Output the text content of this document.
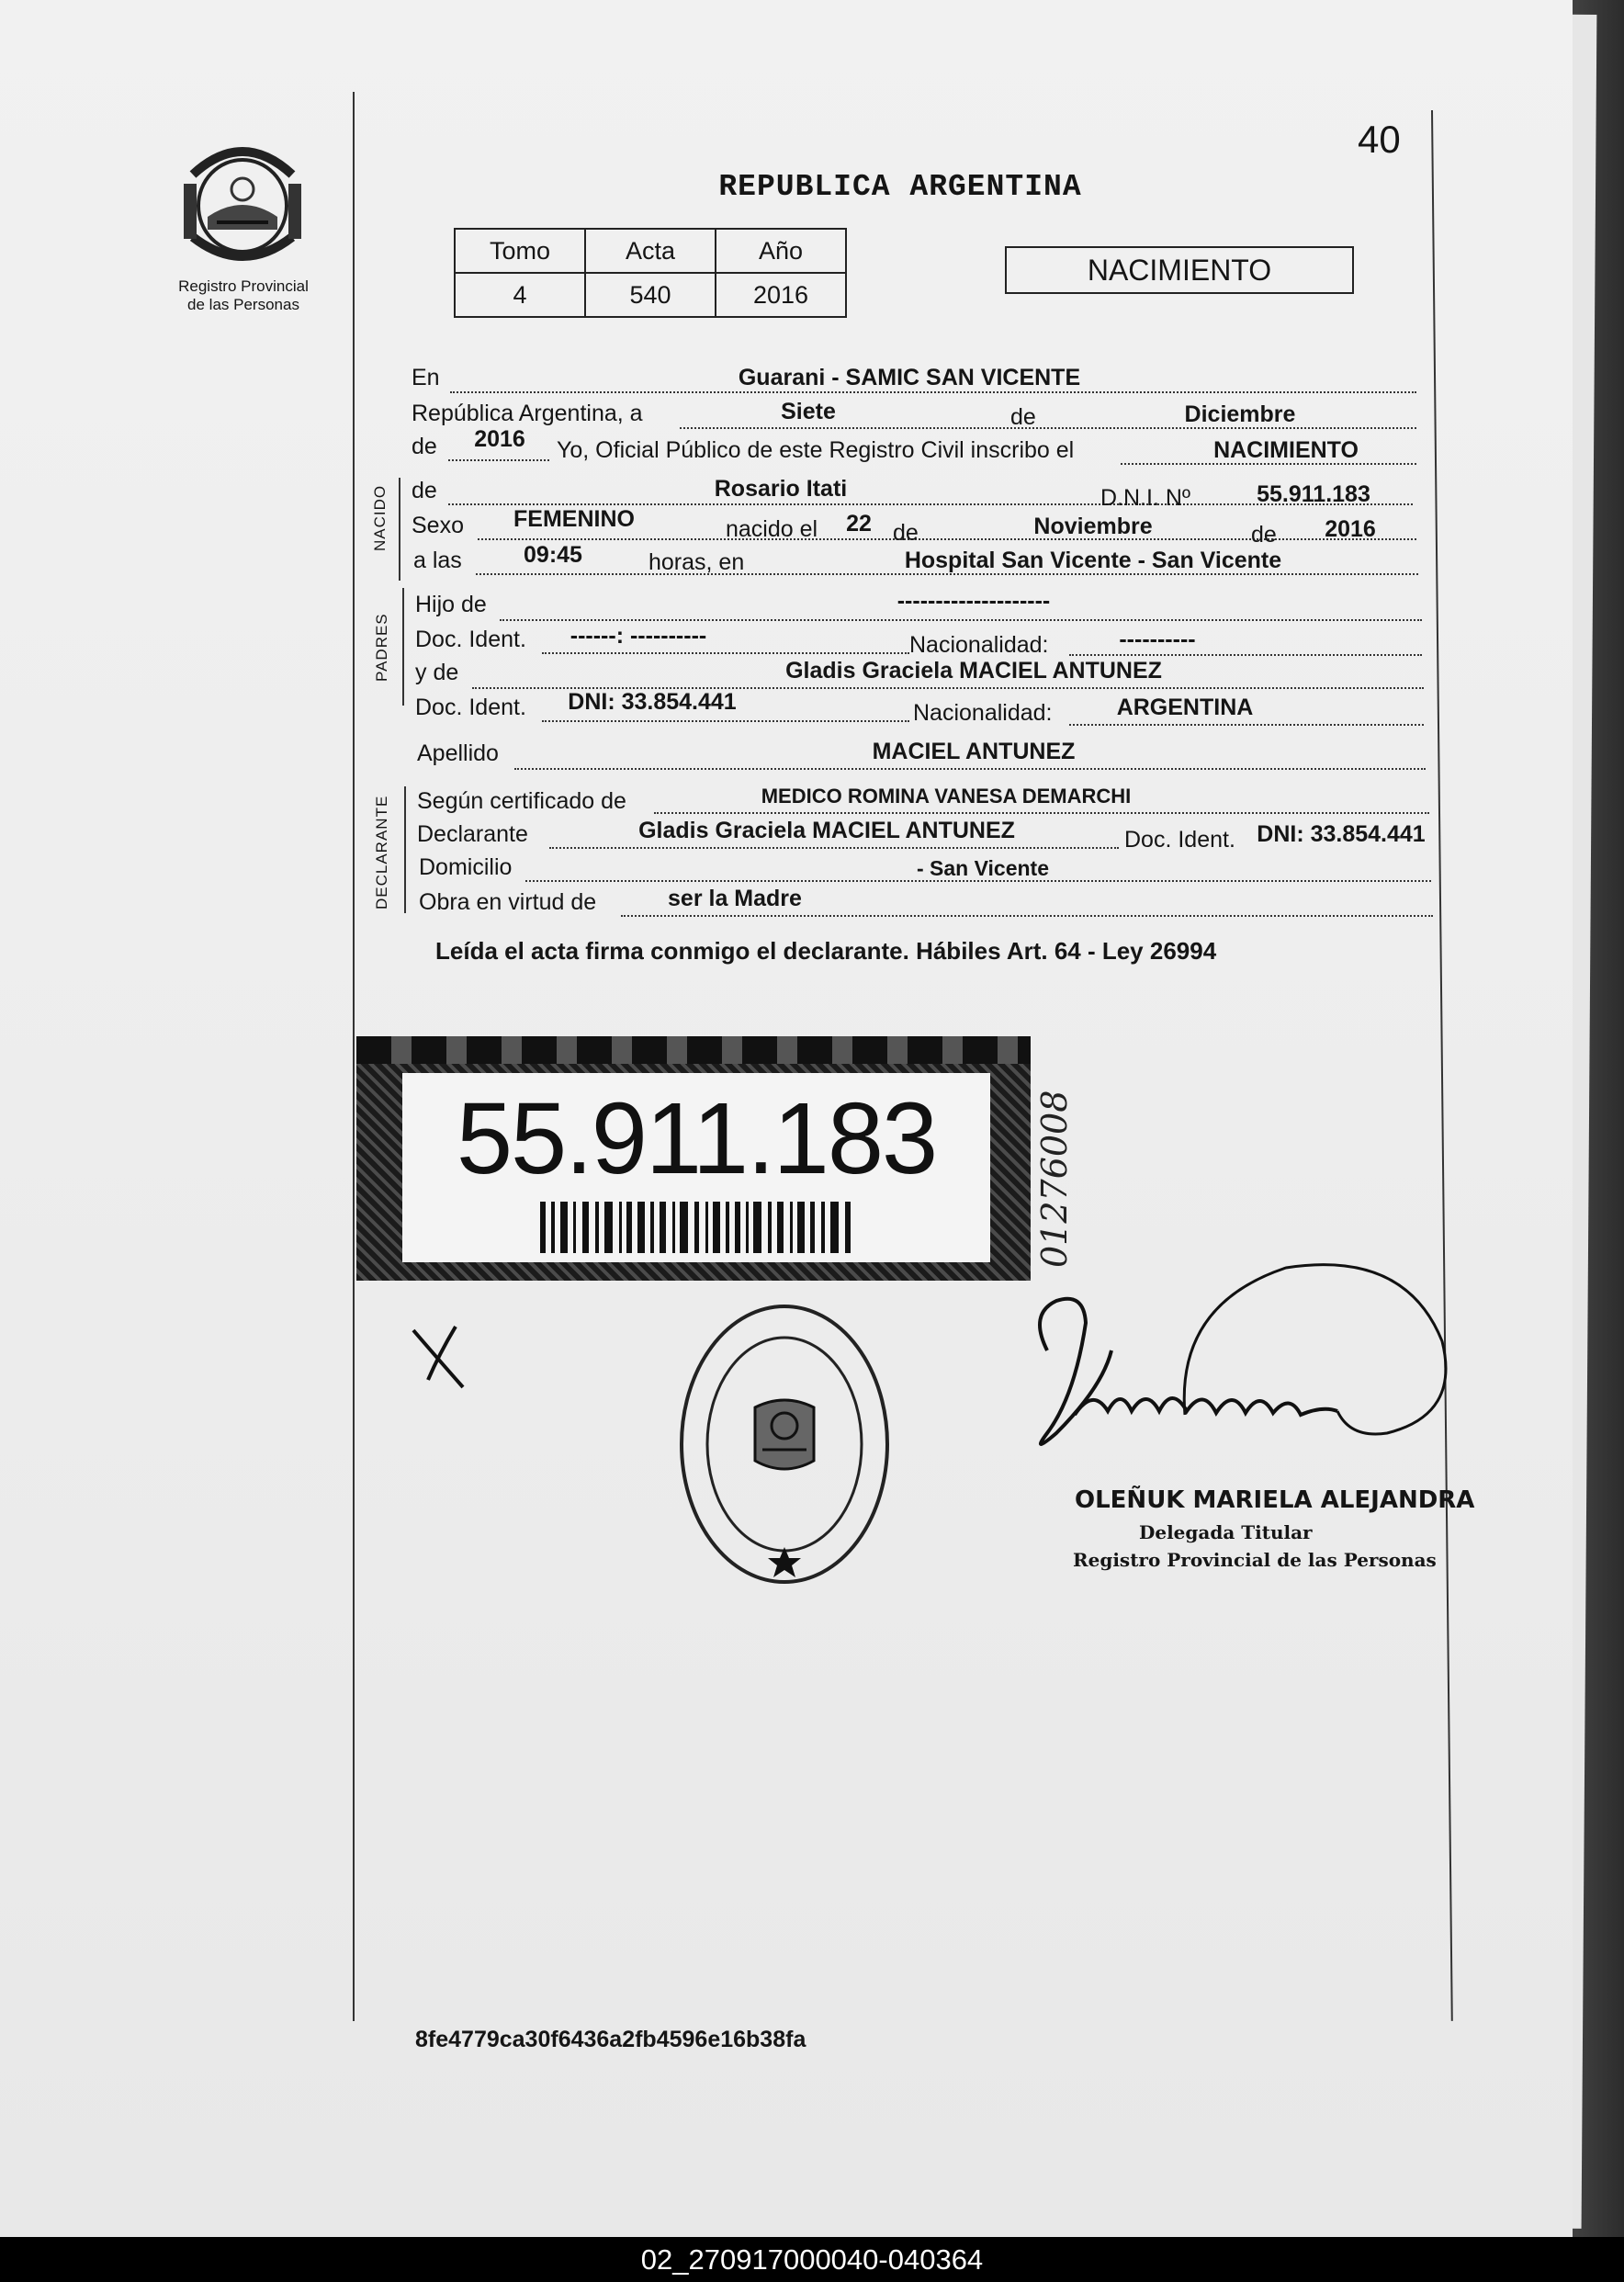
Registro Provincial
de las Personas
40
REPUBLICA ARGENTINA
Tomo	Acta	Año
4	540	2016
NACIMIENTO
En	Guarani - SAMIC SAN VICENTE
República Argentina, a	Siete	de	Diciembre
de	2016	Yo, Oficial Público de este Registro Civil inscribo el	NACIMIENTO
NACIDO de	Rosario Itati	D.N.I. Nº	55.911.183
Sexo	FEMENINO	nacido el	22 de	Noviembre	de	2016
a las	09:45	horas, en	Hospital San Vicente - San Vicente
PADRES
Hijo de	--------------------
Doc. Ident.	------: ----------	Nacionalidad:	----------
y de	Gladis Graciela MACIEL ANTUNEZ
Doc. Ident.	DNI: 33.854.441	Nacionalidad:	ARGENTINA
Apellido	MACIEL ANTUNEZ
DECLARANTE Según certificado de	MEDICO ROMINA VANESA DEMARCHI
Declarante	Gladis Graciela MACIEL ANTUNEZ	Doc. Ident. DNI: 33.854.441
Domicilio	- San Vicente
Obra en virtud de	ser la Madre
Leída el acta firma conmigo el declarante. Hábiles Art. 64 - Ley 26994
55.911.183	01276008
OLEÑUK MARIELA ALEJANDRA
Delegada Titular
Registro Provincial de las Personas
8fe4779ca30f6436a2fb4596e16b38fa
02_270917000040-040364
